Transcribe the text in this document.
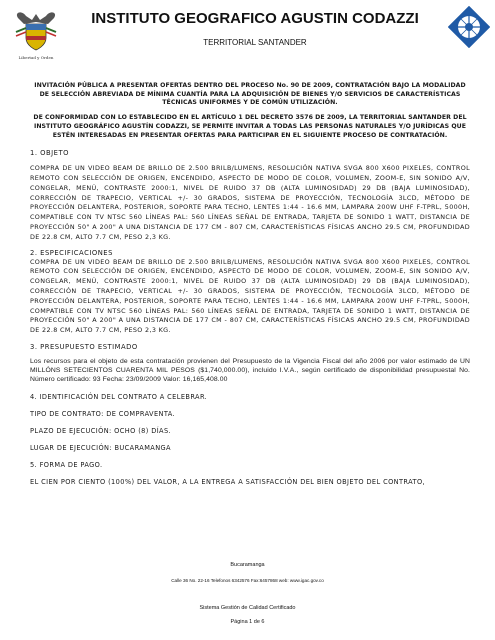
Libertad y Orden
INSTITUTO GEOGRAFICO AGUSTIN CODAZZI
TERRITORIAL SANTANDER

INVITACIÓN PÚBLICA A PRESENTAR OFERTAS DENTRO DEL PROCESO No. 90 DE 2009, CONTRATACIÓN BAJO LA MODALIDAD DE SELECCIÓN ABREVIADA DE MÍNIMA CUANTÍA PARA LA ADQUISICIÓN DE BIENES Y/O SERVICIOS DE CARACTERÍSTICAS TÉCNICAS UNIFORMES Y DE COMÚN UTILIZACIÓN.

DE CONFORMIDAD CON LO ESTABLECIDO EN EL ARTÍCULO 1 DEL DECRETO 3576 DE 2009, LA TERRITORIAL SANTANDER DEL INSTITUTO GEOGRÁFICO AGUSTÍN CODAZZI, SE PERMITE INVITAR A TODAS LAS PERSONAS NATURALES Y/O JURÍDICAS QUE ESTÉN INTERESADAS EN PRESENTAR OFERTAS PARA PARTICIPAR EN EL SIGUIENTE PROCESO DE CONTRATACIÓN.

1. OBJETO

COMPRA DE UN VIDEO BEAM DE BRILLO DE 2.500 BRILB/LUMENS, RESOLUCIÓN NATIVA SVGA 800 X600 PIXELES, CONTROL REMOTO CON SELECCIÓN DE ORIGEN, ENCENDIDO, ASPECTO DE MODO DE COLOR, VOLUMEN, ZOOM-E, SIN SONIDO A/V, CONGELAR, MENÚ, CONTRASTE 2000:1, NIVEL DE RUIDO 37 DB (ALTA LUMINOSIDAD) 29 DB (BAJA LUMINOSIDAD), CORRECCIÓN DE TRAPECIO, VERTICAL +/- 30 GRADOS, SISTEMA DE PROYECCIÓN, TECNOLOGÍA 3LCD, MÉTODO DE PROYECCIÓN DELANTERA, POSTERIOR, SOPORTE PARA TECHO, LENTES 1:44 - 16.6 MM, LAMPARA 200W UHF F-TPRL, 5000H, COMPATIBLE CON TV NTSC 560 LÍNEAS PAL: 560 LÍNEAS SEÑAL DE ENTRADA, TARJETA DE SONIDO 1 WATT, DISTANCIA DE PROYECCIÓN 50" A 200" A UNA DISTANCIA DE 177 CM - 807 CM, CARACTERÍSTICAS FÍSICAS ANCHO 29.5 CM, PROFUNDIDAD DE 22.8 CM, ALTO 7.7 CM, PESO 2,3 KG.

2. ESPECIFICACIONES

COMPRA DE UN VIDEO BEAM DE BRILLO DE 2.500 BRILB/LUMENS, RESOLUCIÓN NATIVA SVGA 800 X600 PIXELES, CONTROL REMOTO CON SELECCIÓN DE ORIGEN, ENCENDIDO, ASPECTO DE MODO DE COLOR, VOLUMEN, ZOOM-E, SIN SONIDO A/V, CONGELAR, MENÚ, CONTRASTE 2000:1, NIVEL DE RUIDO 37 DB (ALTA LUMINOSIDAD) 29 DB (BAJA LUMINOSIDAD), CORRECCIÓN DE TRAPECIO, VERTICAL +/- 30 GRADOS, SISTEMA DE PROYECCIÓN, TECNOLOGÍA 3LCD, MÉTODO DE PROYECCIÓN DELANTERA, POSTERIOR, SOPORTE PARA TECHO, LENTES 1:44 - 16.6 MM, LAMPARA 200W UHF F-TPRL, 5000H, COMPATIBLE CON TV NTSC 560 LÍNEAS PAL: 560 LÍNEAS SEÑAL DE ENTRADA, TARJETA DE SONIDO 1 WATT, DISTANCIA DE PROYECCIÓN 50" A 200" A UNA DISTANCIA DE 177 CM - 807 CM, CARACTERÍSTICAS FÍSICAS ANCHO 29.5 CM, PROFUNDIDAD DE 22.8 CM, ALTO 7.7 CM, PESO 2,3 KG.

3. PRESUPUESTO ESTIMADO

Los recursos para el objeto de esta contratación provienen del Presupuesto de la Vigencia Fiscal del año 2006 por valor estimado de UN MILLÓNS SETECIENTOS CUARENTA MIL PESOS ($1,740,000.00), incluido I.V.A., según certificado de disponibilidad presupuestal No. Número certificado: 93 Fecha: 23/09/2009 Valor: 16,165,408.00

4. IDENTIFICACIÓN DEL CONTRATO A CELEBRAR.

TIPO DE CONTRATO: DE COMPRAVENTA.

PLAZO DE EJECUCIÓN: OCHO (8) DÍAS.

LUGAR DE EJECUCIÓN: BUCARAMANGA

5. FORMA DE PAGO.

EL CIEN POR CIENTO (100%) DEL VALOR, A LA ENTREGA A SATISFACCIÓN DEL BIEN OBJETO DEL CONTRATO,

Bucaramanga
Calle 36 No. 22-16 Telefonos 6342576 Fax:6457868 web: www.igac.gov.co
Sistema Gestión de Calidad Certificado
Página 1 de 6
